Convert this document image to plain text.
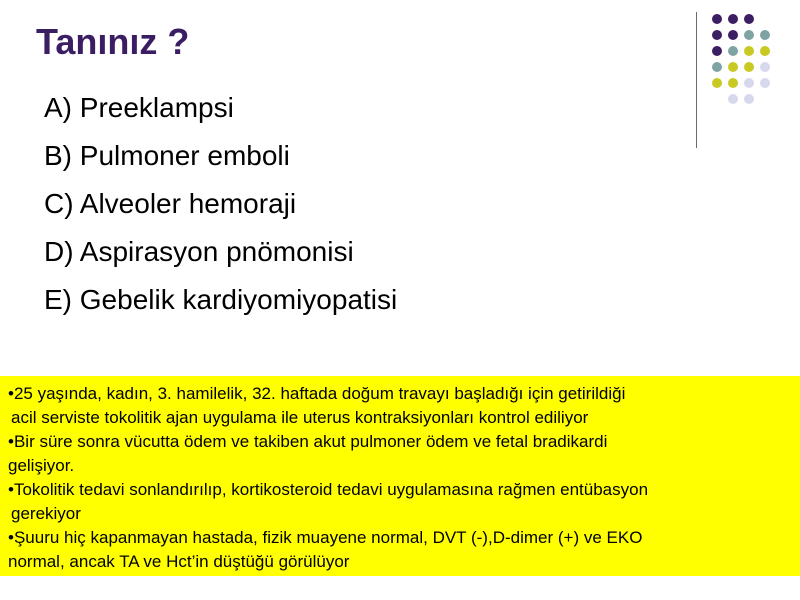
Tanınız ?
A) Preeklampsi
B) Pulmoner emboli
C) Alveoler hemoraji
D) Aspirasyon pnömonisi
E) Gebelik kardiyomiyopatisi

•25 yaşında, kadın, 3. hamilelik, 32. haftada doğum travayı başladığı için getirildiği

acil serviste tokolitik ajan uygulama ile uterus kontraksiyonları kontrol ediliyor

•Bir süre sonra vücutta ödem ve takiben akut pulmoner ödem ve fetal bradikardi

gelişiyor.

•Tokolitik tedavi sonlandırılıp, kortikosteroid tedavi uygulamasına rağmen entübasyon

gerekiyor

•Şuuru hiç kapanmayan hastada, fizik muayene normal, DVT (-),D-dimer (+) ve EKO

normal, ancak TA ve Hct’in düştüğü görülüyor
